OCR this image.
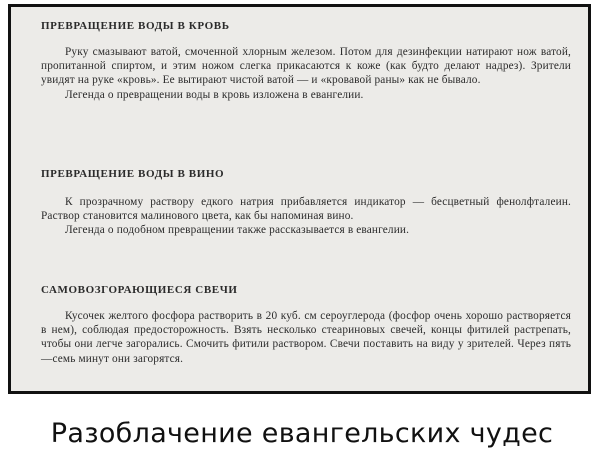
ПРЕВРАЩЕНИЕ ВОДЫ В КРОВЬ

Руку смазывают ватой, смоченной хлорным железом. Потом для дезинфекции натирают нож ватой, пропитанной спиртом, и этим ножом слегка прикасаются к коже (как будто делают надрез). Зрители увидят на руке «кровь». Ее вытирают чистой ватой — и «кровавой раны» как не бывало.

Легенда о превращении воды в кровь изложена в евангелии.

ПРЕВРАЩЕНИЕ ВОДЫ В ВИНО

К прозрачному раствору едкого натрия прибавляется индикатор — бесцветный фенолфталеин. Раствор становится малинового цвета, как бы напоминая вино.

Легенда о подобном превращении также рассказывается в евангелии.

САМОВОЗГОРАЮЩИЕСЯ СВЕЧИ

Кусочек желтого фосфора растворить в 20 куб. см сероуглерода (фосфор очень хорошо растворяется в нем), соблюдая предосторожность. Взять несколько стеариновых свечей, концы фитилей растрепать, чтобы они легче загорались. Смочить фитили раствором. Свечи поставить на виду у зрителей. Через пять—семь минут они загорятся.

Разоблачение евангельских чудес
